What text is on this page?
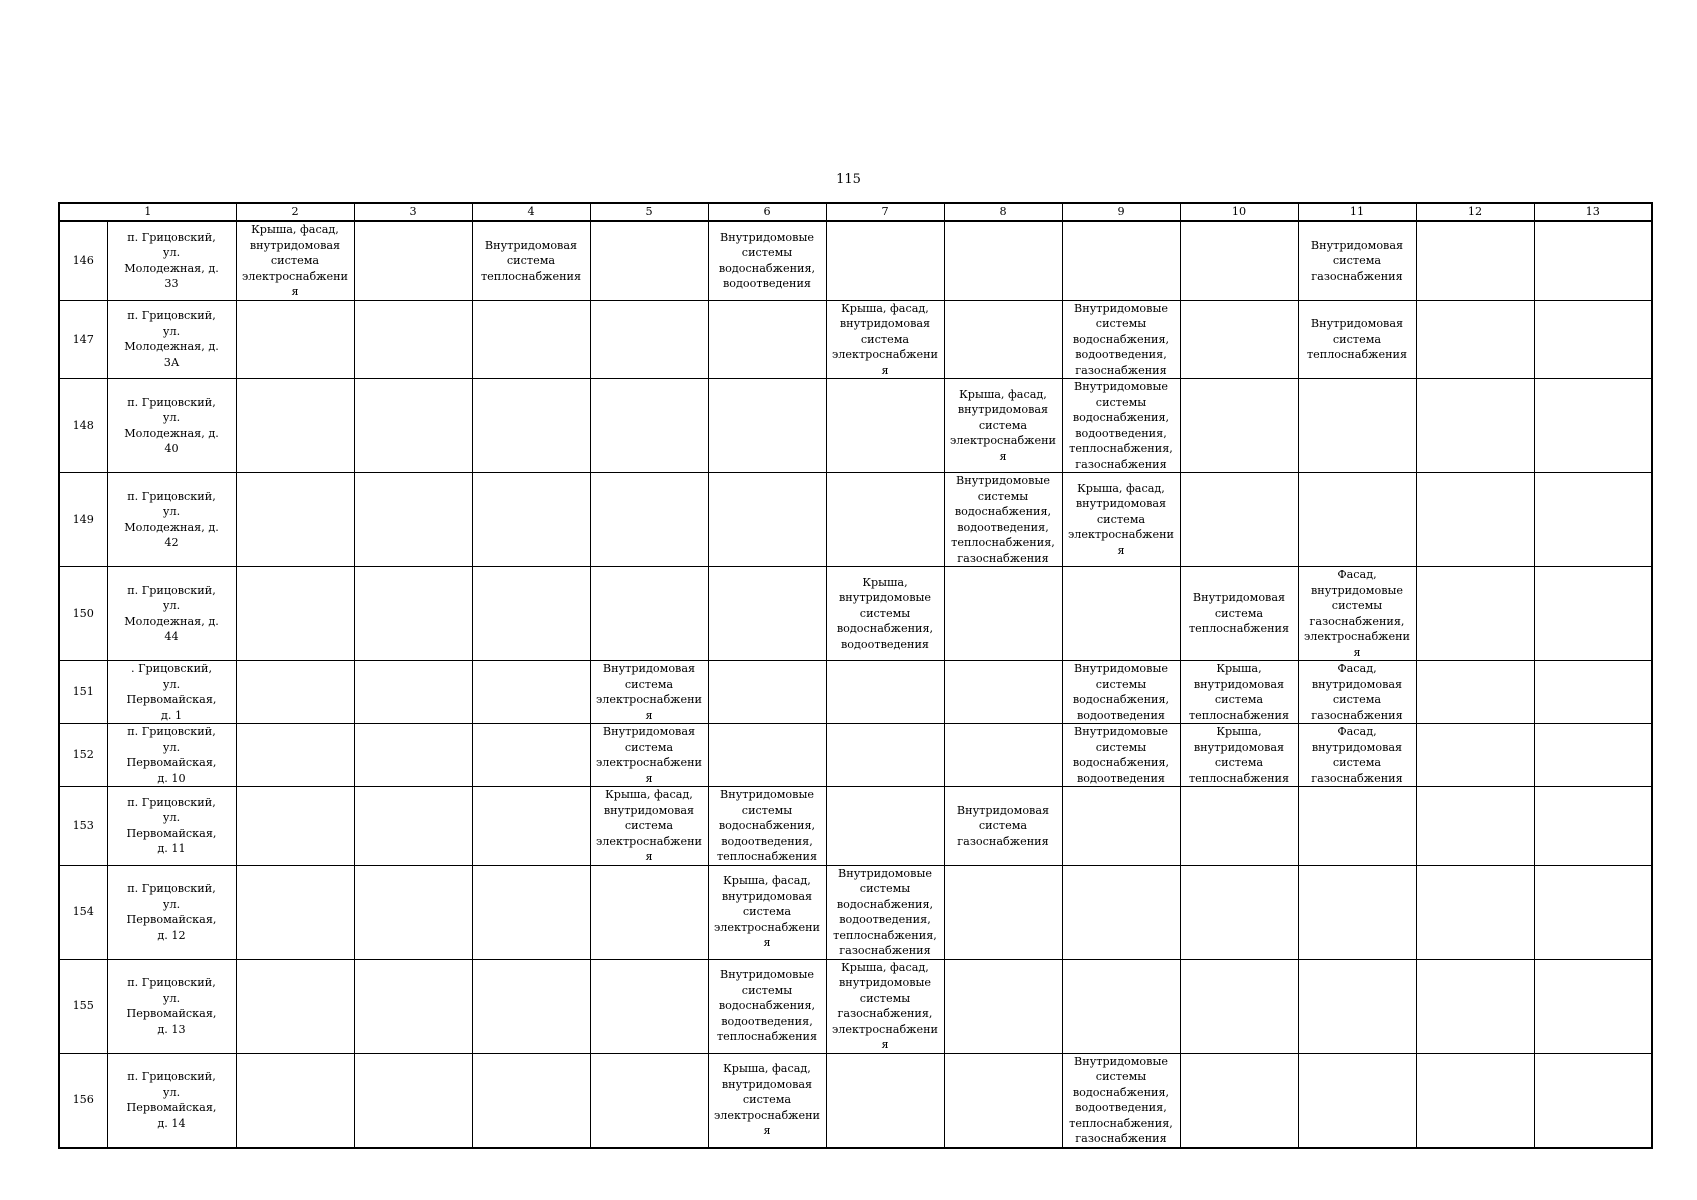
115
1		2	3	4	5	6	7	8	9	10	11	12	13
146	п. Грицовский, ул. Молодежная, д. 33	Крыша, фасад, внутридомовая система электроснабжения		Внутридомовая система теплоснабжения		Внутридомовые системы водоснабжения, водоотведения					Внутридомовая система газоснабжения		
147	п. Грицовский, ул. Молодежная, д. 3А						Крыша, фасад, внутридомовая система электроснабжения		Внутридомовые системы водоснабжения, водоотведения, газоснабжения		Внутридомовая система теплоснабжения		
148	п. Грицовский, ул. Молодежная, д. 40							Крыша, фасад, внутридомовая система электроснабжения	Внутридомовые системы водоснабжения, водоотведения, теплоснабжения, газоснабжения				
149	п. Грицовский, ул. Молодежная, д. 42							Внутридомовые системы водоснабжения, водоотведения, теплоснабжения, газоснабжения	Крыша, фасад, внутридомовая система электроснабжения				
150	п. Грицовский, ул. Молодежная, д. 44						Крыша, внутридомовые системы водоснабжения, водоотведения			Внутридомовая система теплоснабжения	Фасад, внутридомовые системы газоснабжения, электроснабжения		
151	. Грицовский, ул. Первомайская, д. 1				Внутридомовая система электроснабжения				Внутридомовые системы водоснабжения, водоотведения	Крыша, внутридомовая система теплоснабжения	Фасад, внутридомовая система газоснабжения		
152	п. Грицовский, ул. Первомайская, д. 10				Внутридомовая система электроснабжения				Внутридомовые системы водоснабжения, водоотведения	Крыша, внутридомовая система теплоснабжения	Фасад, внутридомовая система газоснабжения		
153	п. Грицовский, ул. Первомайская, д. 11				Крыша, фасад, внутридомовая система электроснабжения	Внутридомовые системы водоснабжения, водоотведения, теплоснабжения		Внутридомовая система газоснабжения					
154	п. Грицовский, ул. Первомайская, д. 12					Крыша, фасад, внутридомовая система электроснабжения	Внутридомовые системы водоснабжения, водоотведения, теплоснабжения, газоснабжения						
155	п. Грицовский, ул. Первомайская, д. 13					Внутридомовые системы водоснабжения, водоотведения, теплоснабжения	Крыша, фасад, внутридомовые системы газоснабжения, электроснабжения						
156	п. Грицовский, ул. Первомайская, д. 14					Крыша, фасад, внутридомовая система электроснабжения			Внутридомовые системы водоснабжения, водоотведения, теплоснабжения, газоснабжения				
